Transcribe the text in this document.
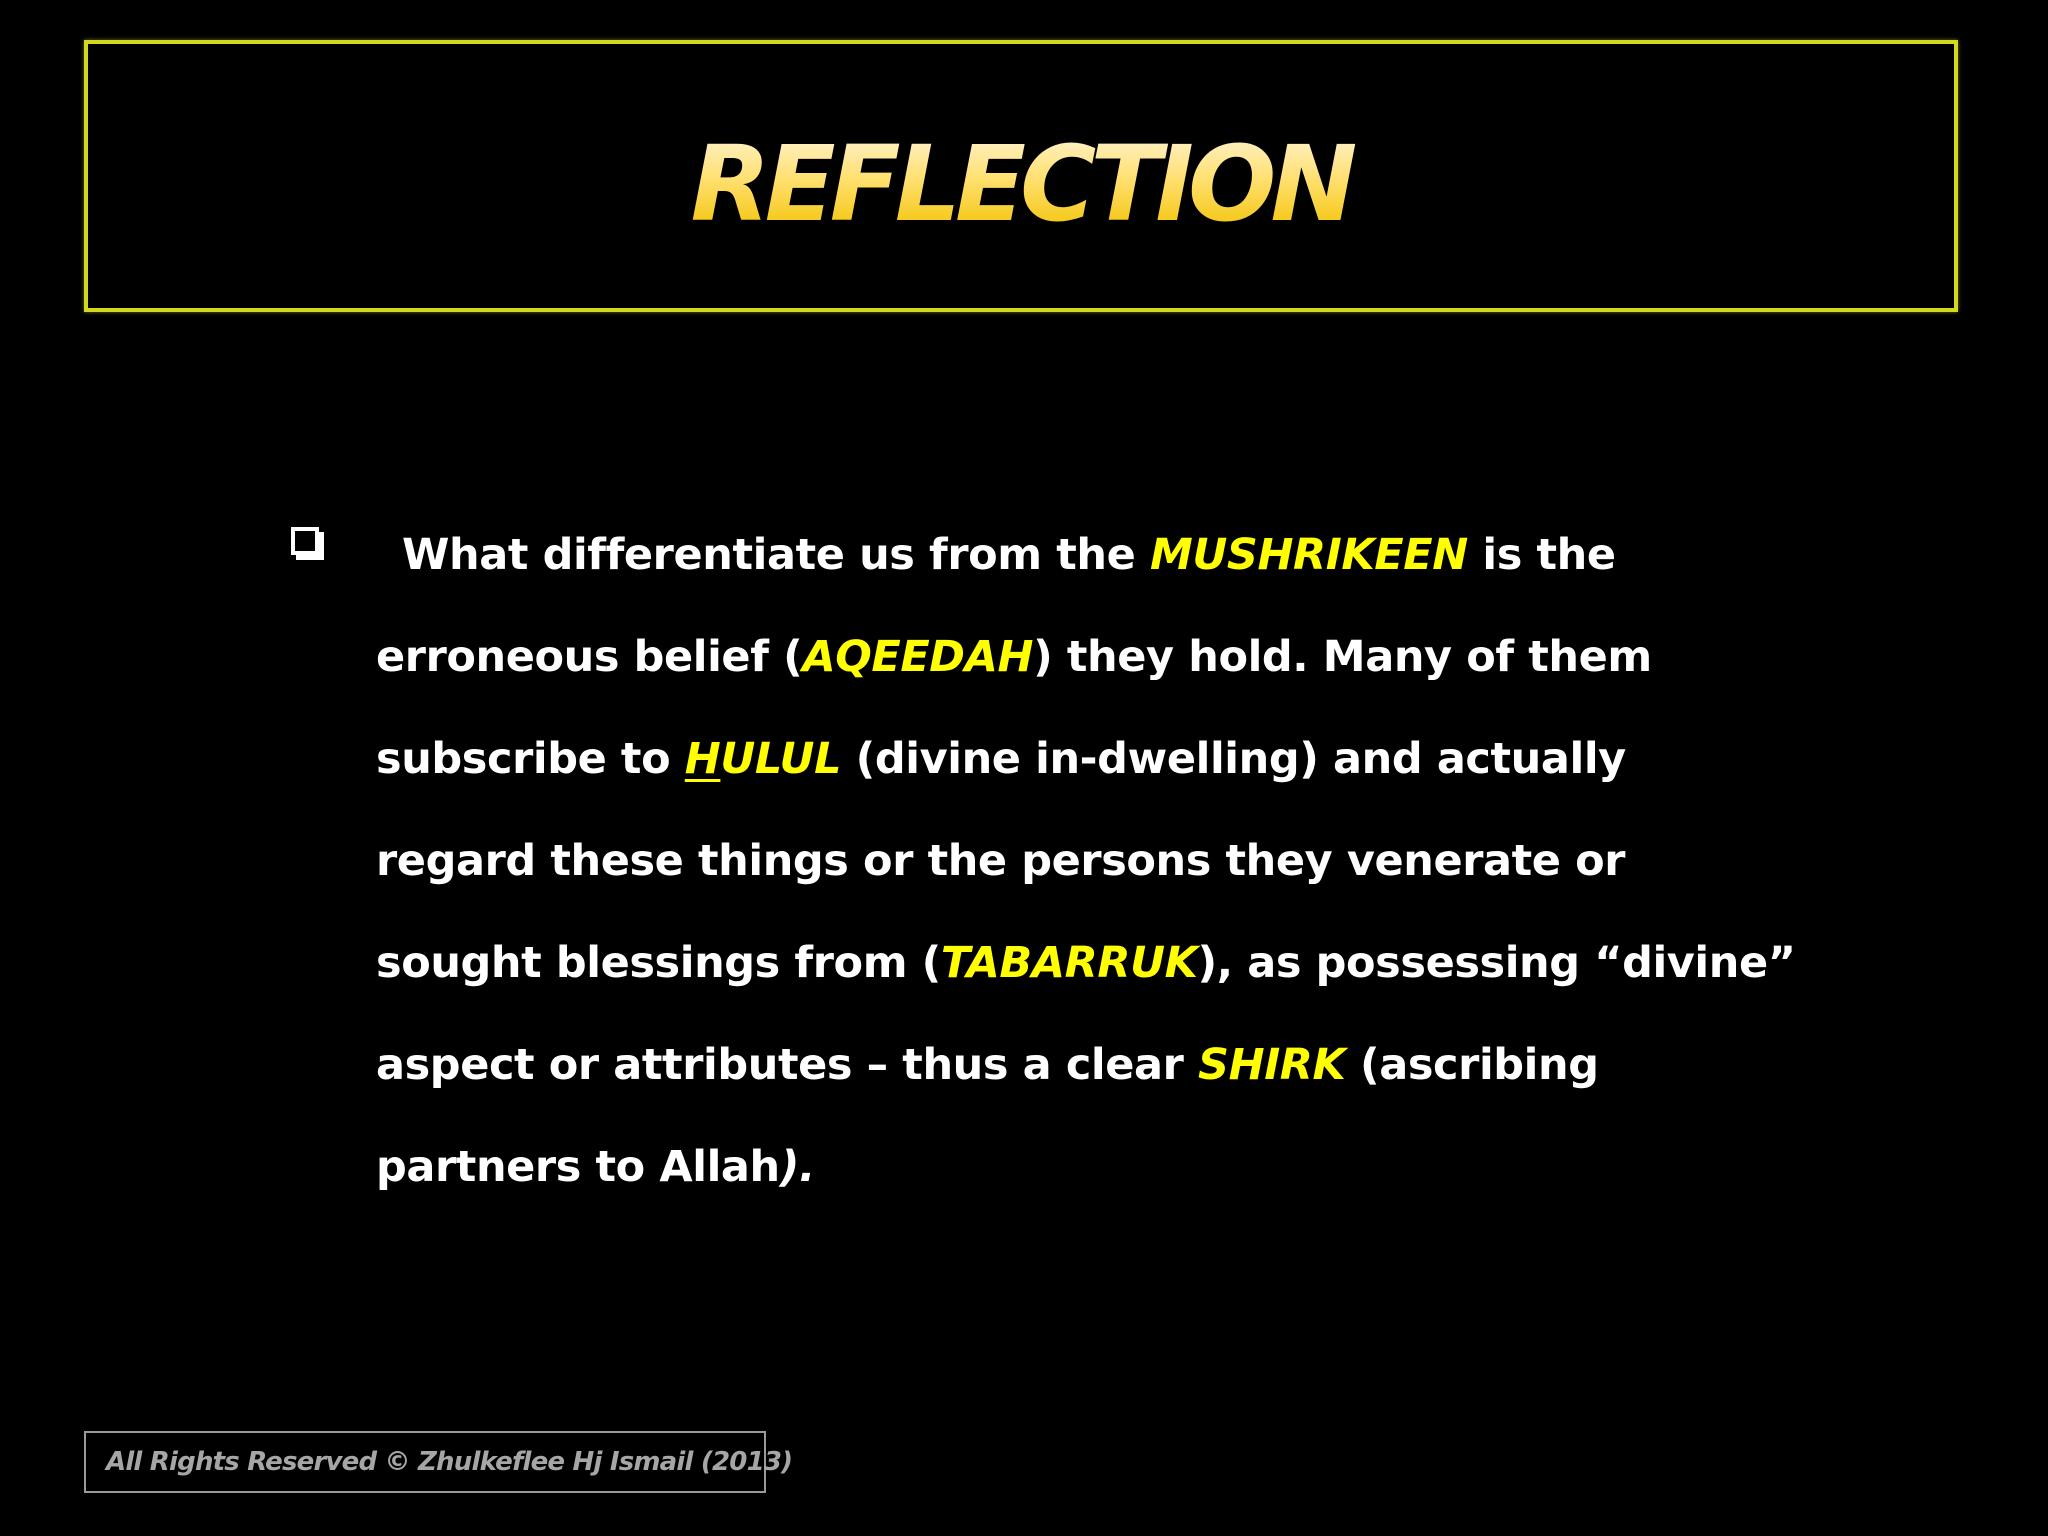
REFLECTION

What differentiate us from the MUSHRIKEEN is the
erroneous belief (AQEEDAH) they hold. Many of them
subscribe to HULUL (divine in-dwelling) and actually
regard these things or the persons they venerate or
sought blessings from (TABARRUK), as possessing “divine”
aspect or attributes – thus a clear SHIRK (ascribing
partners to Allah).

All Rights Reserved © Zhulkeflee Hj Ismail (2013)
